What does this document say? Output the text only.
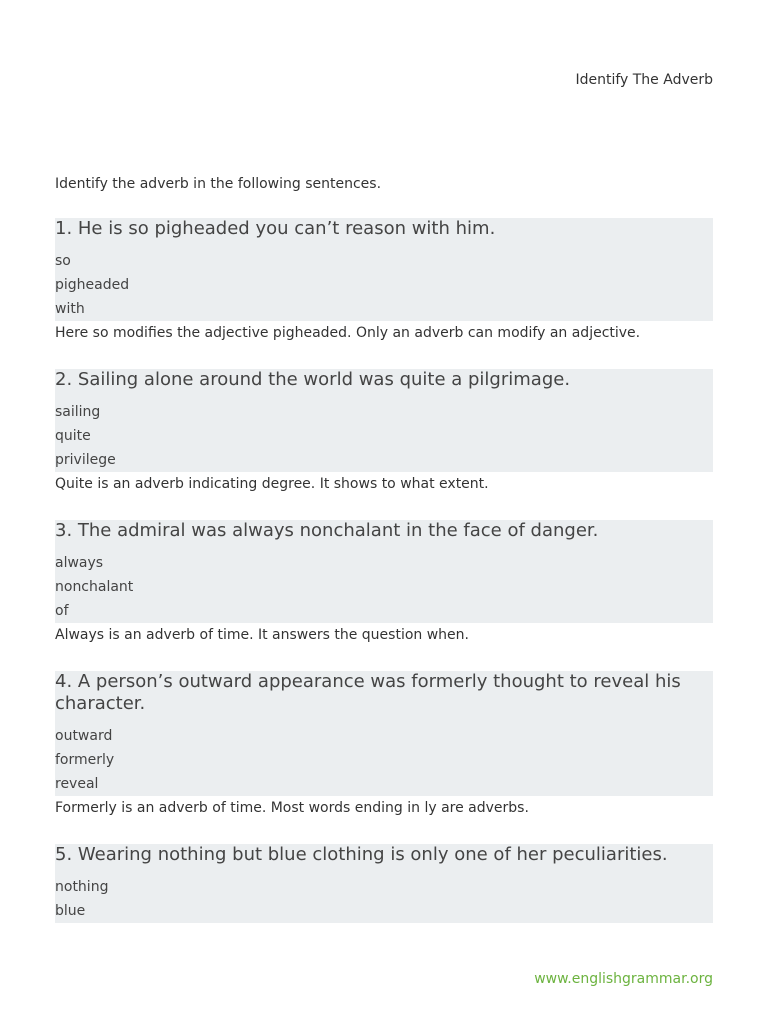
Identify The Adverb
Identify the adverb in the following sentences.
1. He is so pigheaded you can’t reason with him.
so
pigheaded
with
Here so modifies the adjective pigheaded. Only an adverb can modify an adjective.
2. Sailing alone around the world was quite a pilgrimage.
sailing
quite
privilege
Quite is an adverb indicating degree. It shows to what extent.
3. The admiral was always nonchalant in the face of danger.
always
nonchalant
of
Always is an adverb of time. It answers the question when.
4. A person’s outward appearance was formerly thought to reveal his character.
outward
formerly
reveal
Formerly is an adverb of time. Most words ending in ly are adverbs.
5. Wearing nothing but blue clothing is only one of her peculiarities.
nothing
blue
www.englishgrammar.org
